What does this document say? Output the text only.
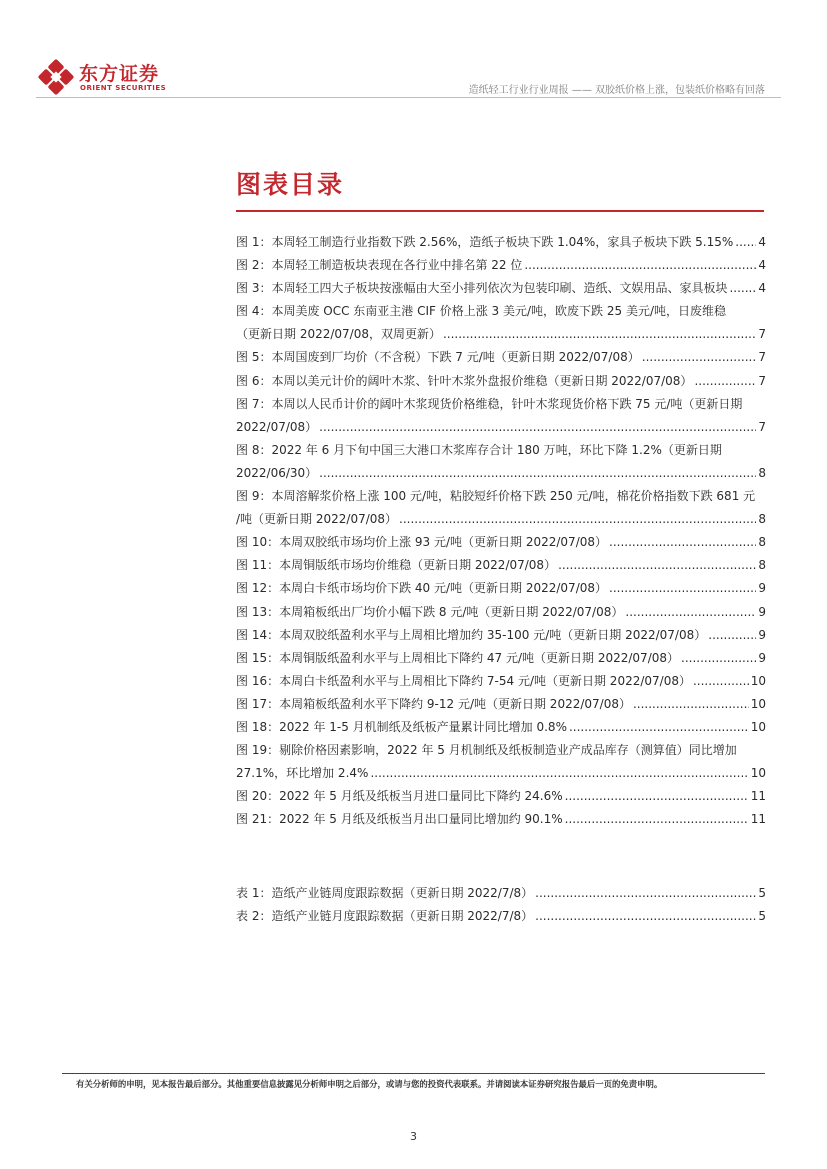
东方证券
ORIENT SECURITIES	造纸轻工行业行业周报 —— 双胶纸价格上涨，包装纸价格略有回落
图表目录
图 1：本周轻工制造行业指数下跌 2.56%，造纸子板块下跌 1.04%，家具子板块下跌 5.15% ..... 4
图 2：本周轻工制造板块表现在各行业中排名第 22 位 .....	4
图 3：本周轻工四大子板块按涨幅由大至小排列依次为包装印刷、造纸、文娱用品、家具板块 .....	4
图 4：本周美废 OCC 东南亚主港 CIF 价格上涨 3 美元/吨，欧废下跌 25 美元/吨，日废维稳
（更新日期 2022/07/08，双周更新） .....	7
图 5：本周国废到厂均价（不含税）下跌 7 元/吨（更新日期 2022/07/08） .....	7
图 6：本周以美元计价的阔叶木浆、针叶木浆外盘报价维稳（更新日期 2022/07/08） .....	7
图 7：本周以人民币计价的阔叶木浆现货价格维稳，针叶木浆现货价格下跌 75 元/吨（更新日期
2022/07/08） .....	7
图 8：2022 年 6 月下旬中国三大港口木浆库存合计 180 万吨，环比下降 1.2%（更新日期
2022/06/30） .....	8
图 9：本周溶解浆价格上涨 100 元/吨，粘胶短纤价格下跌 250 元/吨，棉花价格指数下跌 681 元
/吨（更新日期 2022/07/08） .....	8
图 10：本周双胶纸市场均价上涨 93 元/吨（更新日期 2022/07/08） .....	8
图 11：本周铜版纸市场均价维稳（更新日期 2022/07/08） .....	8
图 12：本周白卡纸市场均价下跌 40 元/吨（更新日期 2022/07/08） .....	9
图 13：本周箱板纸出厂均价小幅下跌 8 元/吨（更新日期 2022/07/08） .....	9
图 14：本周双胶纸盈利水平与上周相比增加约 35-100 元/吨（更新日期 2022/07/08） .....	9
图 15：本周铜版纸盈利水平与上周相比下降约 47 元/吨（更新日期 2022/07/08） .....	9
图 16：本周白卡纸盈利水平与上周相比下降约 7-54 元/吨（更新日期 2022/07/08） .....	10
图 17：本周箱板纸盈利水平下降约 9-12 元/吨（更新日期 2022/07/08） .....	10
图 18：2022 年 1-5 月机制纸及纸板产量累计同比增加 0.8% .....	10
图 19：剔除价格因素影响，2022 年 5 月机制纸及纸板制造业产成品库存（测算值）同比增加
27.1%，环比增加 2.4% .....	10
图 20：2022 年 5 月纸及纸板当月进口量同比下降约 24.6% .....	11
图 21：2022 年 5 月纸及纸板当月出口量同比增加约 90.1% .....	11
表 1：造纸产业链周度跟踪数据（更新日期 2022/7/8） .....	5
表 2：造纸产业链月度跟踪数据（更新日期 2022/7/8） .....	5
有关分析师的申明，见本报告最后部分。其他重要信息披露见分析师申明之后部分，或请与您的投资代表联系。并请阅读本证券研究报告最后一页的免责申明。
3
